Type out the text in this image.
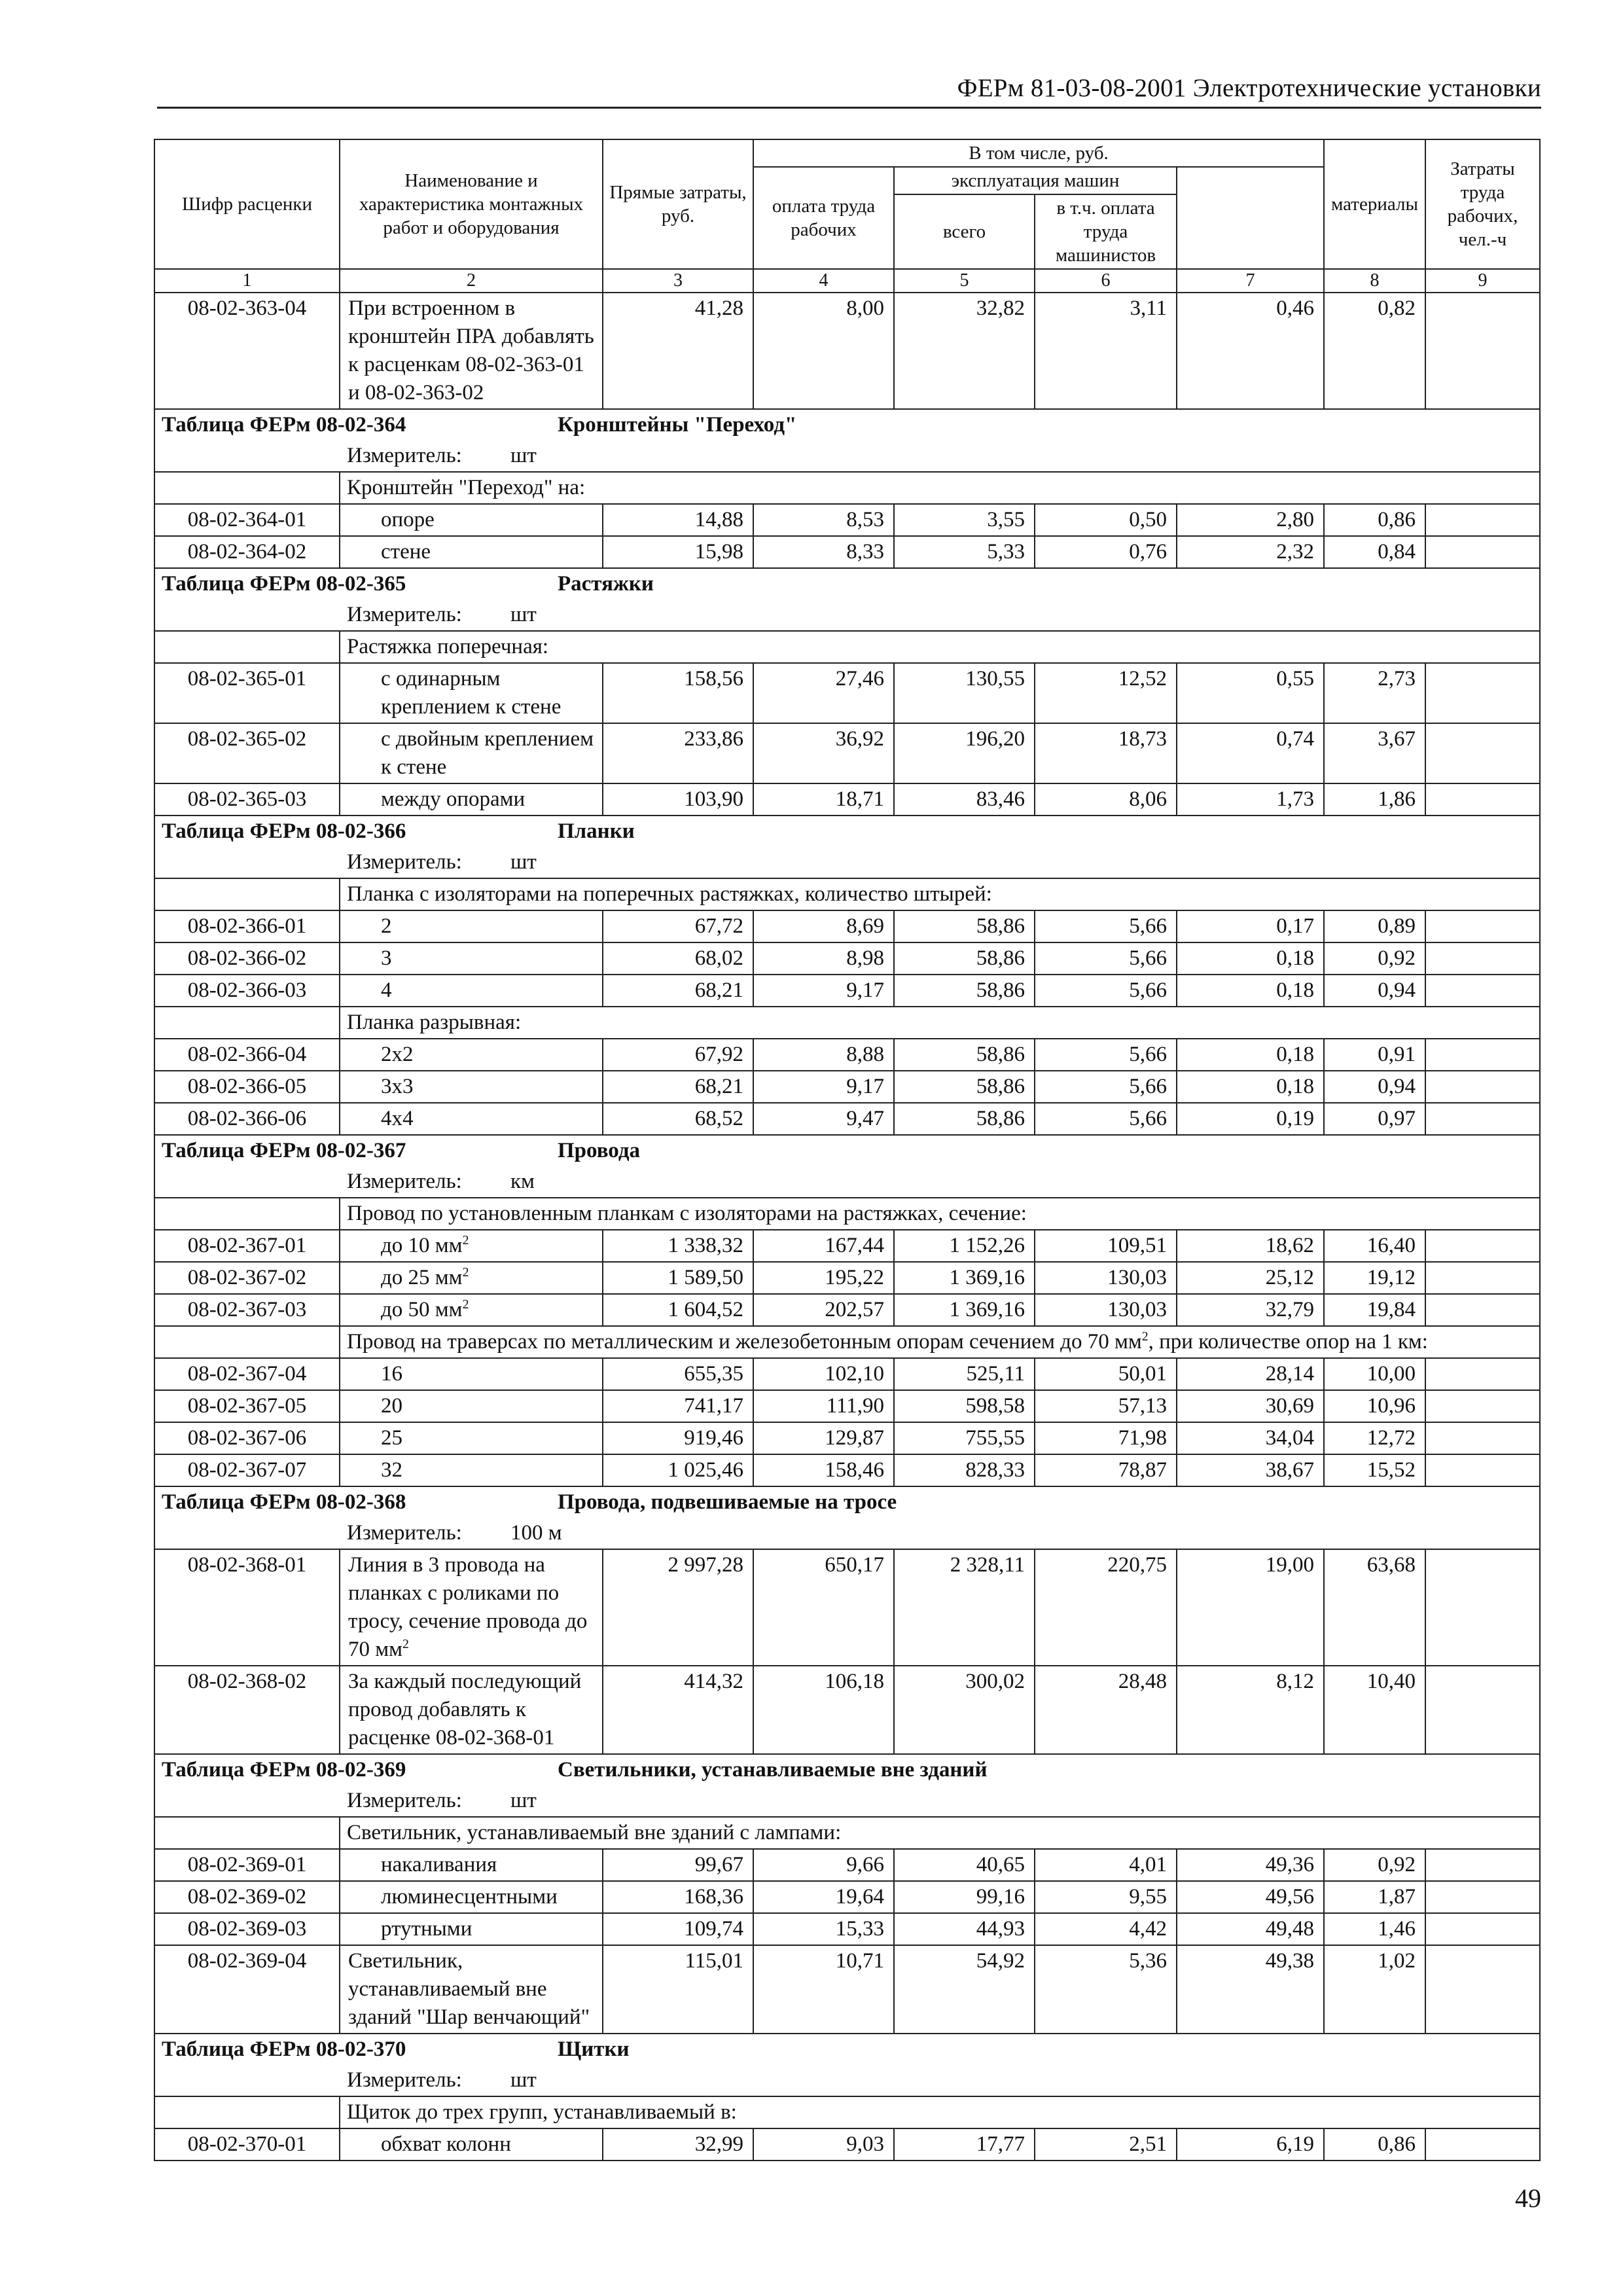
ФЕРм 81-03-08-2001 Электротехнические установки
Шифр расценки	Наименование и характеристика монтажных работ и оборудования	Прямые затраты, руб.	В том числе, руб.				материалы	Затраты труда рабочих, чел.-ч	
			оплата труда рабочих	эксплуатация машин					
				всего	в т.ч. оплата труда машинистов				

1	2	3	4	5	6	7	8	9	
08-02-363-04	При встроенном в кронштейн ПРА добавлять к расценкам 08-02-363-01 и 08-02-363-02	41,28	8,00	32,82	3,11	0,46	0,82		
Таблица ФЕРм 08-02-364 Кронштейны "Переход"									
Измеритель: шт									
	Кронштейн "Переход" на:								
08-02-364-01	опоре	14,88	8,53	3,55	0,50	2,80	0,86		
08-02-364-02	стене	15,98	8,33	5,33	0,76	2,32	0,84		
Таблица ФЕРм 08-02-365 Растяжки									
Измеритель: шт									
	Растяжка поперечная:								
08-02-365-01	с одинарным креплением к стене	158,56	27,46	130,55	12,52	0,55	2,73		
08-02-365-02	с двойным креплением к стене	233,86	36,92	196,20	18,73	0,74	3,67		
08-02-365-03	между опорами	103,90	18,71	83,46	8,06	1,73	1,86		
Таблица ФЕРм 08-02-366 Планки									
Измеритель: шт									
	Планка с изоляторами на поперечных растяжках, количество штырей:								
08-02-366-01	2	67,72	8,69	58,86	5,66	0,17	0,89		
08-02-366-02	3	68,02	8,98	58,86	5,66	0,18	0,92		
08-02-366-03	4	68,21	9,17	58,86	5,66	0,18	0,94		
	Планка разрывная:								
08-02-366-04	2x2	67,92	8,88	58,86	5,66	0,18	0,91		
08-02-366-05	3x3	68,21	9,17	58,86	5,66	0,18	0,94		
08-02-366-06	4x4	68,52	9,47	58,86	5,66	0,19	0,97		
Таблица ФЕРм 08-02-367 Провода									
Измеритель: км									
	Провод по установленным планкам с изоляторами на растяжках, сечение:								
08-02-367-01	до 10 $мм^2$	1 338,32	167,44	1 152,26	109,51	18,62	16,40		
08-02-367-02	до 25 $мм^2$	1 589,50	195,22	1 369,16	130,03	25,12	19,12		
08-02-367-03	до 50 $мм^2$	1 604,52	202,57	1 369,16	130,03	32,79	19,84		
	Провод на траверсах по металлическим и железобетонным опорам сечением до 70 $мм^2$, при количестве опор на 1 км:								
08-02-367-04	16	655,35	102,10	525,11	50,01	28,14	10,00		
08-02-367-05	20	741,17	111,90	598,58	57,13	30,69	10,96		
08-02-367-06	25	919,46	129,87	755,55	71,98	34,04	12,72		
08-02-367-07	32	1 025,46	158,46	828,33	78,87	38,67	15,52		
Таблица ФЕРм 08-02-368 Провода, подвешиваемые на тросе									
Измеритель: 100 м									
08-02-368-01	Линия в 3 провода на планках с роликами по тросу, сечение провода до 70 $мм^2$	2 997,28	650,17	2 328,11	220,75	19,00	63,68		
08-02-368-02	За каждый последующий провод добавлять к расценке 08-02-368-01	414,32	106,18	300,02	28,48	8,12	10,40		
Таблица ФЕРм 08-02-369 Светильники, устанавливаемые вне зданий									
Измеритель: шт									
	Светильник, устанавливаемый вне зданий с лампами:								
08-02-369-01	накаливания	99,67	9,66	40,65	4,01	49,36	0,92		
08-02-369-02	люминесцентными	168,36	19,64	99,16	9,55	49,56	1,87		
08-02-369-03	ртутными	109,74	15,33	44,93	4,42	49,48	1,46		
08-02-369-04	Светильник, устанавливаемый вне зданий "Шар венчающий"	115,01	10,71	54,92	5,36	49,38	1,02		
Таблица ФЕРм 08-02-370 Щитки									
Измеритель: шт									
	Щиток до трех групп, устанавливаемый в:								
08-02-370-01	обхват колонн	32,99	9,03	17,77	2,51	6,19	0,86		
49
